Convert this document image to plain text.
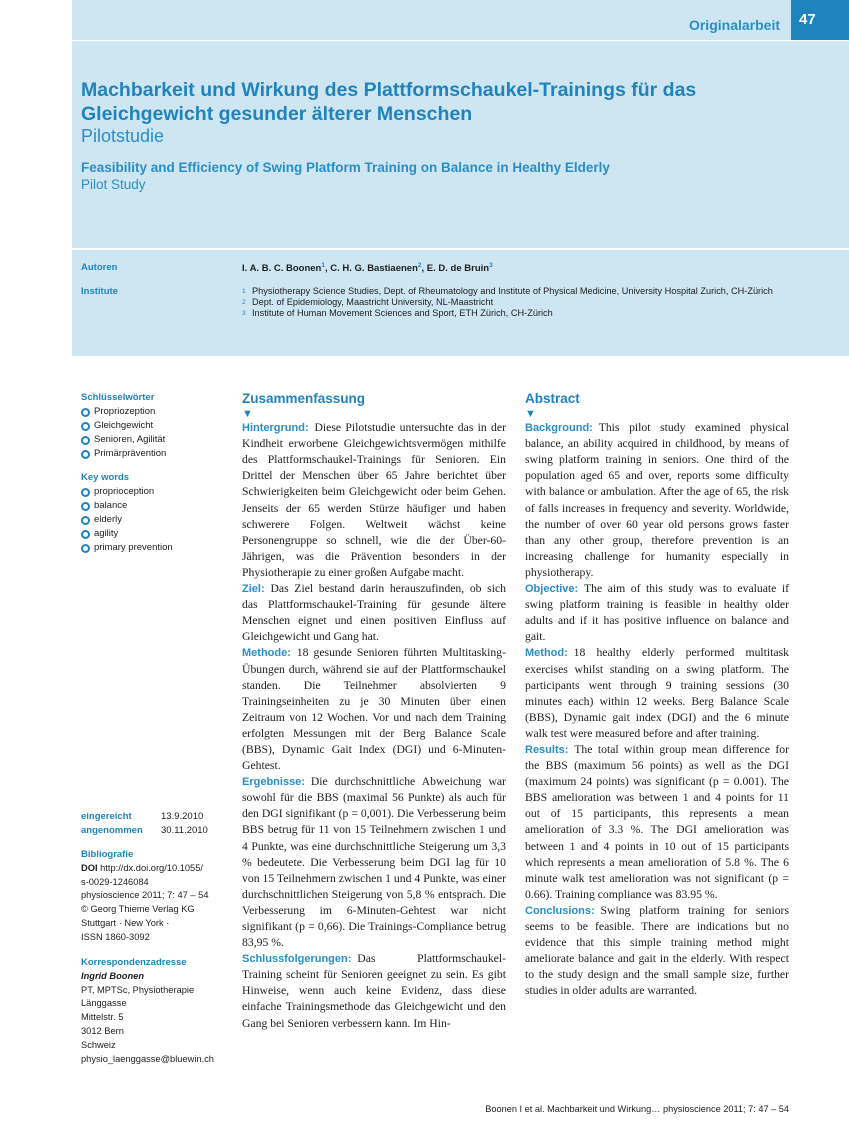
Originalarbeit	47
Machbarkeit und Wirkung des Plattformschaukel-Trainings für das Gleichgewicht gesunder älterer Menschen
Pilotstudie
Feasibility and Efficiency of Swing Platform Training on Balance in Healthy Elderly
Pilot Study
Autoren	I. A. B. C. Boonen$^1$, C. H. G. Bastiaenen$^2$, E. D. de Bruin$^3$
Institute	1 Physiotherapy Science Studies, Dept. of Rheumatology and Institute of Physical Medicine, University Hospital Zurich, CH-Zürich
2 Dept. of Epidemiology, Maastricht University, NL-Maastricht
3 Institute of Human Movement Sciences and Sport, ETH Zürich, CH-Zürich
Schlüsselwörter
Propriozeption
Gleichgewicht
Senioren, Agilität
Primärprävention
Key words
proprioception
balance
elderly
agility
primary prevention
eingereicht	13.9.2010
angenommen	30.11.2010
Bibliografie
DOI http://dx.doi.org/10.1055/
s-0029-1246084
physioscience 2011; 7: 47 – 54
© Georg Thieme Verlag KG
Stuttgart · New York ·
ISSN 1860-3092
Korrespondenzadresse
Ingrid Boonen
PT, MPTSc, Physiotherapie
Länggasse
Mittelstr. 5
3012 Bern
Schweiz
physio_laenggasse@bluewin.ch
Zusammenfassung
▼

Hintergrund:  Diese Pilotstudie untersuchte das in der Kindheit erworbene Gleichgewichtsvermögen mithilfe des Plattformschaukel-Trainings für Senioren. Ein Drittel der Menschen über 65 Jahre berichtet über Schwierigkeiten beim Gleichgewicht oder beim Gehen. Jenseits der 65 werden Stürze häufiger und haben schwerere Folgen. Weltweit wächst keine Personengruppe so schnell, wie die der Über-60-Jährigen, was die Prävention besonders in der Physiotherapie zu einer großen Aufgabe macht.

Ziel:  Das Ziel bestand darin herauszufinden, ob sich das Plattformschaukel-Training für gesunde ältere Menschen eignet und einen positiven Einfluss auf Gleichgewicht und Gang hat.

Methode:  18 gesunde Senioren führten Multitasking-Übungen durch, während sie auf der Plattformschaukel standen. Die Teilnehmer absolvierten 9 Trainingseinheiten zu je 30 Minuten über einen Zeitraum von 12 Wochen. Vor und nach dem Training erfolgten Messungen mit der Berg Balance Scale (BBS), Dynamic Gait Index (DGI) und 6-Minuten-Gehtest.

Ergebnisse:  Die durchschnittliche Abweichung war sowohl für die BBS (maximal 56 Punkte) als auch für den DGI signifikant (p = 0,001). Die Verbesserung beim BBS betrug für 11 von 15 Teilnehmern zwischen 1 und 4 Punkte, was eine durchschnittliche Steigerung um 3,3 % bedeutete. Die Verbesserung beim DGI lag für 10 von 15 Teilnehmern zwischen 1 und 4 Punkte, was einer durchschnittlichen Steigerung von 5,8 % entsprach. Die Verbesserung im 6-Minuten-Gehtest war nicht signifikant (p = 0,66). Die Trainings-Compliance betrug 83,95 %.

Schlussfolgerungen:  Das Plattformschaukel-Training scheint für Senioren geeignet zu sein. Es gibt Hinweise, wenn auch keine Evidenz, dass diese einfache Trainingsmethode das Gleichgewicht und den Gang bei Senioren verbessern kann. Im Hin-

Abstract
▼

Background:  This pilot study examined physical balance, an ability acquired in childhood, by means of swing platform training in seniors. One third of the population aged 65 and over, reports some difficulty with balance or ambulation. After the age of 65, the risk of falls increases in frequency and severity. Worldwide, the number of over 60 year old persons grows faster than any other group, therefore prevention is an increasing challenge for humanity especially in physiotherapy.

Objective:  The aim of this study was to evaluate if swing platform training is feasible in healthy older adults and if it has positive influence on balance and gait.

Method:  18 healthy elderly performed multitask exercises whilst standing on a swing platform. The participants went through 9 training sessions (30 minutes each) within 12 weeks. Berg Balance Scale (BBS), Dynamic gait index (DGI) and the 6 minute walk test were measured before and after training.

Results:  The total within group mean difference for the BBS (maximum 56 points) as well as the DGI (maximum 24 points) was significant (p = 0.001). The BBS amelioration was between 1 and 4 points for 11 out of 15 participants, this represents a mean amelioration of 3.3 %. The DGI amelioration was between 1 and 4 points in 10 out of 15 participants which represents a mean amelioration of 5.8 %. The 6 minute walk test amelioration was not significant (p = 0.66). Training compliance was 83.95 %.

Conclusions:  Swing platform training for seniors seems to be feasible. There are indications but no evidence that this simple training method might ameliorate balance and gait in the elderly. With respect to the study design and the small sample size, further studies in older adults are warranted.

Boonen I et al. Machbarkeit und Wirkung… physioscience 2011; 7: 47 – 54
